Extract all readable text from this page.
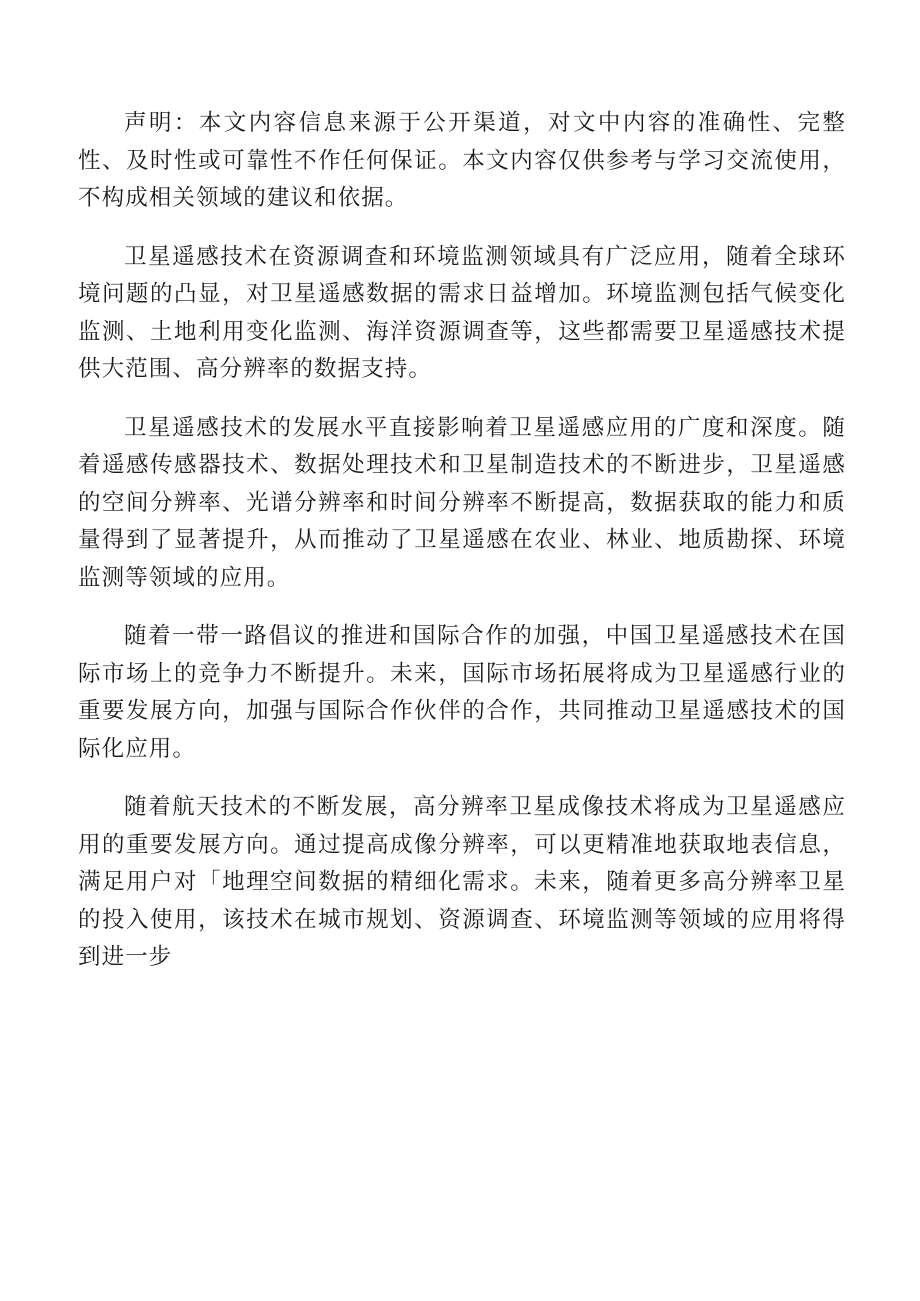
声明：本文内容信息来源于公开渠道，对文中内容的准确性、完整性、及时性或可靠性不作任何保证。本文内容仅供参考与学习交流使用，不构成相关领域的建议和依据。

卫星遥感技术在资源调查和环境监测领域具有广泛应用，随着全球环境问题的凸显，对卫星遥感数据的需求日益增加。环境监测包括气候变化监测、土地利用变化监测、海洋资源调查等，这些都需要卫星遥感技术提供大范围、高分辨率的数据支持。

卫星遥感技术的发展水平直接影响着卫星遥感应用的广度和深度。随着遥感传感器技术、数据处理技术和卫星制造技术的不断进步，卫星遥感的空间分辨率、光谱分辨率和时间分辨率不断提高，数据获取的能力和质量得到了显著提升，从而推动了卫星遥感在农业、林业、地质勘探、环境监测等领域的应用。

随着一带一路倡议的推进和国际合作的加强，中国卫星遥感技术在国际市场上的竞争力不断提升。未来，国际市场拓展将成为卫星遥感行业的重要发展方向，加强与国际合作伙伴的合作，共同推动卫星遥感技术的国际化应用。

随着航天技术的不断发展，高分辨率卫星成像技术将成为卫星遥感应用的重要发展方向。通过提高成像分辨率，可以更精准地获取地表信息，满足用户对「地理空间数据的精细化需求。未来，随着更多高分辨率卫星的投入使用，该技术在城市规划、资源调查、环境监测等领域的应用将得到进一步
